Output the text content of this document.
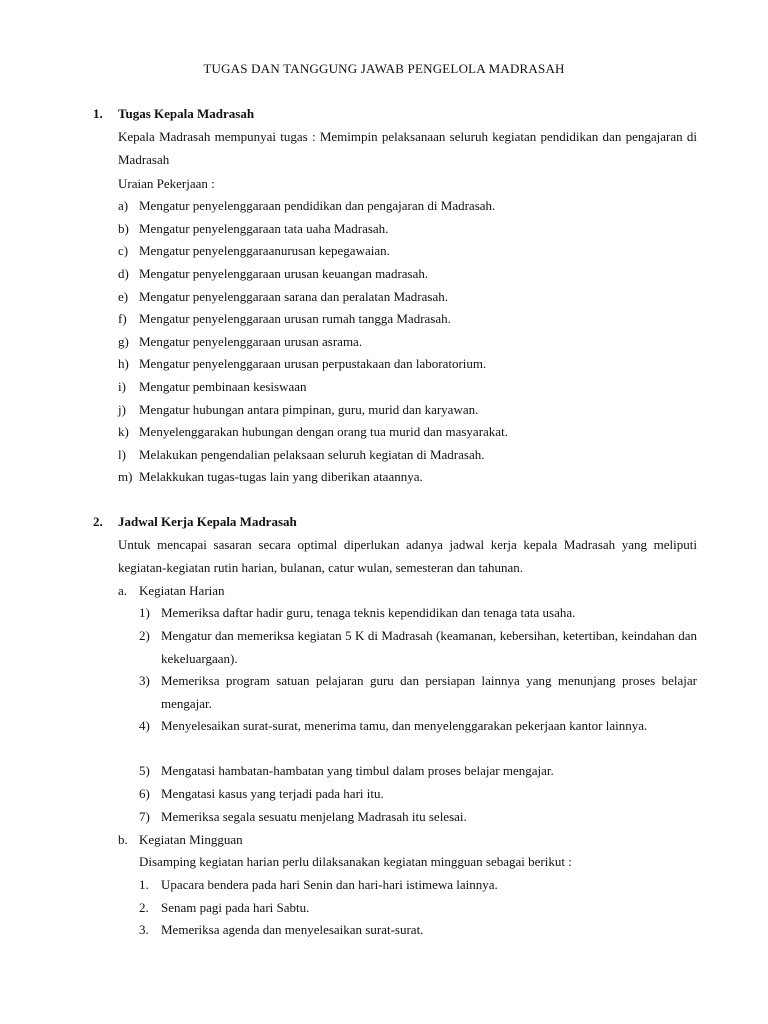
TUGAS DAN TANGGUNG JAWAB PENGELOLA MADRASAH
1. Tugas Kepala Madrasah
Kepala Madrasah mempunyai tugas : Memimpin pelaksanaan seluruh kegiatan pendidikan dan pengajaran di Madrasah
Uraian Pekerjaan :
a) Mengatur penyelenggaraan pendidikan dan pengajaran di Madrasah.
b) Mengatur penyelenggaraan tata uaha Madrasah.
c) Mengatur penyelenggaraanurusan kepegawaian.
d) Mengatur penyelenggaraan urusan keuangan madrasah.
e) Mengatur penyelenggaraan sarana dan peralatan Madrasah.
f) Mengatur penyelenggaraan urusan rumah tangga Madrasah.
g) Mengatur penyelenggaraan urusan asrama.
h) Mengatur penyelenggaraan urusan perpustakaan dan laboratorium.
i) Mengatur pembinaan kesiswaan
j) Mengatur hubungan antara pimpinan, guru, murid dan karyawan.
k) Menyelenggarakan hubungan dengan orang tua murid dan masyarakat.
l) Melakukan pengendalian pelaksaan seluruh kegiatan di Madrasah.
m) Melakkukan tugas-tugas lain yang diberikan ataannya.
2. Jadwal Kerja Kepala Madrasah
Untuk mencapai sasaran secara optimal diperlukan adanya jadwal kerja kepala Madrasah yang meliputi kegiatan-kegiatan rutin harian, bulanan, catur wulan, semesteran dan tahunan.
a. Kegiatan Harian
1) Memeriksa daftar hadir guru, tenaga teknis kependidikan dan tenaga tata usaha.
2) Mengatur dan memeriksa kegiatan 5 K di Madrasah (keamanan, kebersihan, ketertiban, keindahan dan kekeluargaan).
3) Memeriksa program satuan pelajaran guru dan persiapan lainnya yang menunjang proses belajar mengajar.
4) Menyelesaikan surat-surat, menerima tamu, dan menyelenggarakan pekerjaan kantor lainnya.
5) Mengatasi hambatan-hambatan yang timbul dalam proses belajar mengajar.
6) Mengatasi kasus yang terjadi pada hari itu.
7) Memeriksa segala sesuatu menjelang Madrasah itu selesai.
b. Kegiatan Mingguan
Disamping kegiatan harian perlu dilaksanakan kegiatan mingguan sebagai berikut :
1. Upacara bendera pada hari Senin dan hari-hari istimewa lainnya.
2. Senam pagi pada hari Sabtu.
3. Memeriksa agenda dan menyelesaikan surat-surat.
